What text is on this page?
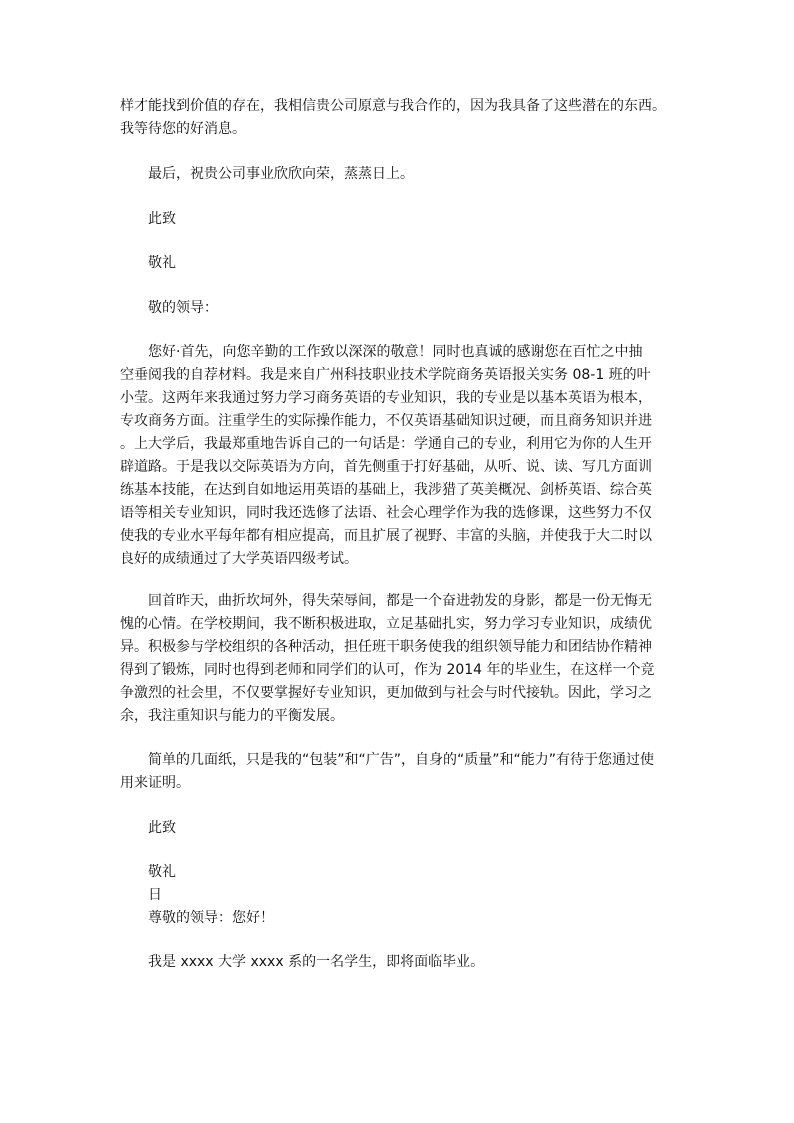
样才能找到价值的存在，我相信贵公司原意与我合作的，因为我具备了这些潜在的东西。
我等待您的好消息。
最后，祝贵公司事业欣欣向荣，蒸蒸日上。
此致
敬礼
敬的领导：
您好·首先，向您辛勤的工作致以深深的敬意！同时也真诚的感谢您在百忙之中抽
空垂阅我的自荐材料。我是来自广州科技职业技术学院商务英语报关实务 08-1 班的叶
小莹。这两年来我通过努力学习商务英语的专业知识，我的专业是以基本英语为根本，
专攻商务方面。注重学生的实际操作能力，不仅英语基础知识过硬，而且商务知识并进
。上大学后，我最郑重地告诉自己的一句话是：学通自己的专业，利用它为你的人生开
辟道路。于是我以交际英语为方向，首先侧重于打好基础，从听、说、读、写几方面训
练基本技能，在达到自如地运用英语的基础上，我涉猎了英美概况、剑桥英语、综合英
语等相关专业知识，同时我还选修了法语、社会心理学作为我的选修课，这些努力不仅
使我的专业水平每年都有相应提高，而且扩展了视野、丰富的头脑，并使我于大二时以
良好的成绩通过了大学英语四级考试。
回首昨天，曲折坎坷外，得失荣辱间，都是一个奋进勃发的身影，都是一份无悔无
愧的心情。在学校期间，我不断积极进取，立足基础扎实，努力学习专业知识，成绩优
异。积极参与学校组织的各种活动，担任班干职务使我的组织领导能力和团结协作精神
得到了锻炼，同时也得到老师和同学们的认可，作为 2014 年的毕业生，在这样一个竞
争激烈的社会里，不仅要掌握好专业知识，更加做到与社会与时代接轨。因此，学习之
余，我注重知识与能力的平衡发展。
简单的几面纸，只是我的“包装”和“广告”，自身的“质量”和“能力”有待于您通过使
用来证明。
此致
敬礼
日
尊敬的领导：您好！
我是 xxxx 大学 xxxx 系的一名学生，即将面临毕业。
